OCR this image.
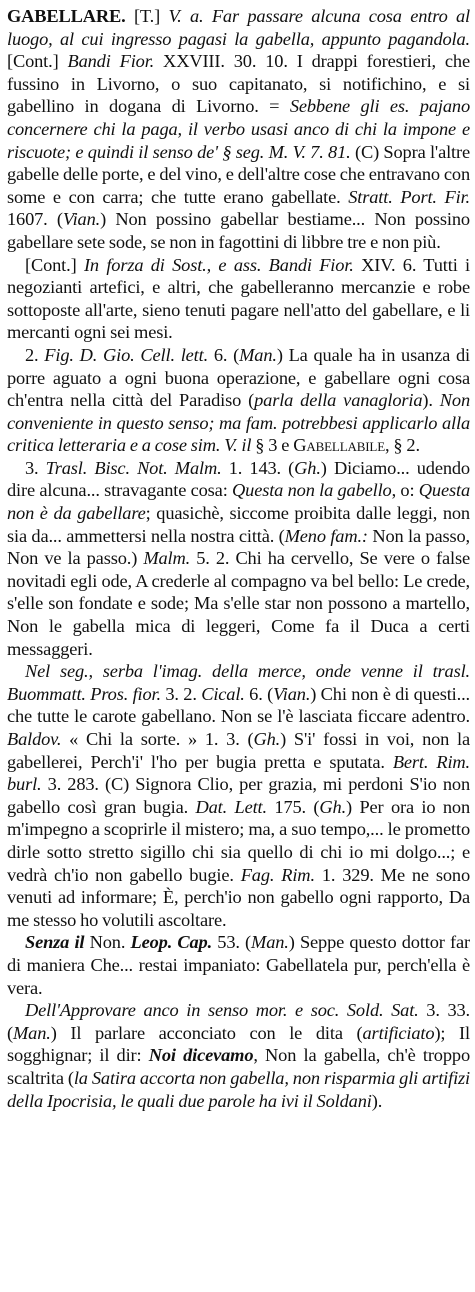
GABELLARE. [T.] V. a. Far passare alcuna cosa entro al luogo, al cui ingresso pagasi la gabella, appunto pagandola. [Cont.] Bandi Fior. XXVIII. 30. 10. I drappi forestieri, che fussino in Livorno, o suo capitanato, si notifichino, e si gabellino in dogana di Livorno. = Sebbene gli es. pajano concernere chi la paga, il verbo usasi anco di chi la impone e riscuote; e quindi il senso de' § seg. M. V. 7. 81. (C) Sopra l'altre gabelle delle porte, e del vino, e dell'altre cose che entravano con some e con carra; che tutte erano gabellate. Stratt. Port. Fir. 1607. (Vian.) Non possino gabellar bestiame... Non possino gabellare sete sode, se non in fagottini di libbre tre e non più.

[Cont.] In forza di Sost., e ass. Bandi Fior. XIV. 6. Tutti i negozianti artefici, e altri, che gabelleranno mercanzie e robe sottoposte all'arte, sieno tenuti pagare nell'atto del gabellare, e li mercanti ogni sei mesi.

2. Fig. D. Gio. Cell. lett. 6. (Man.) La quale ha in usanza di porre aguato a ogni buona operazione, e gabellare ogni cosa ch'entra nella città del Paradiso (parla della vanagloria). Non conveniente in questo senso; ma fam. potrebbesi applicarlo alla critica letteraria e a cose sim. V. il § 3 e Gabellabile, § 2.

3. Trasl. Bisc. Not. Malm. 1. 143. (Gh.) Diciamo... udendo dire alcuna... stravagante cosa: Questa non la gabello, o: Questa non è da gabellare; quasichè, siccome proibita dalle leggi, non sia da... ammettersi nella nostra città. (Meno fam.: Non la passo, Non ve la passo.) Malm. 5. 2. Chi ha cervello, Se vere o false novitadi egli ode, A crederle al compagno va bel bello: Le crede, s'elle son fondate e sode; Ma s'elle star non possono a martello, Non le gabella mica di leggeri, Come fa il Duca a certi messaggeri.

Nel seg., serba l'imag. della merce, onde venne il trasl. Buommatt. Pros. fior. 3. 2. Cical. 6. (Vian.) Chi non è di questi... che tutte le carote gabellano. Non se l'è lasciata ficcare adentro. Baldov. « Chi la sorte. » 1. 3. (Gh.) S'i' fossi in voi, non la gabellerei, Perch'i' l'ho per bugia pretta e sputata. Bert. Rim. burl. 3. 283. (C) Signora Clio, per grazia, mi perdoni S'io non gabello così gran bugia. Dat. Lett. 175. (Gh.) Per ora io non m'impegno a scoprirle il mistero; ma, a suo tempo,... le prometto dirle sotto stretto sigillo chi sia quello di chi io mi dolgo...; e vedrà ch'io non gabello bugie. Fag. Rim. 1. 329. Me ne sono venuti ad informare; È, perch'io non gabello ogni rapporto, Da me stesso ho volutili ascoltare.

Senza il Non. Leop. Cap. 53. (Man.) Seppe questo dottor far di maniera Che... restai impaniato: Gabellatela pur, perch'ella è vera.

Dell'Approvare anco in senso mor. e soc. Sold. Sat. 3. 33. (Man.) Il parlare acconciato con le dita (artificiato); Il sogghignar; il dir: Noi dicevamo, Non la gabella, ch'è troppo scaltrita (la Satira accorta non gabella, non risparmia gli artifizi della Ipocrisia, le quali due parole ha ivi il Soldani).
